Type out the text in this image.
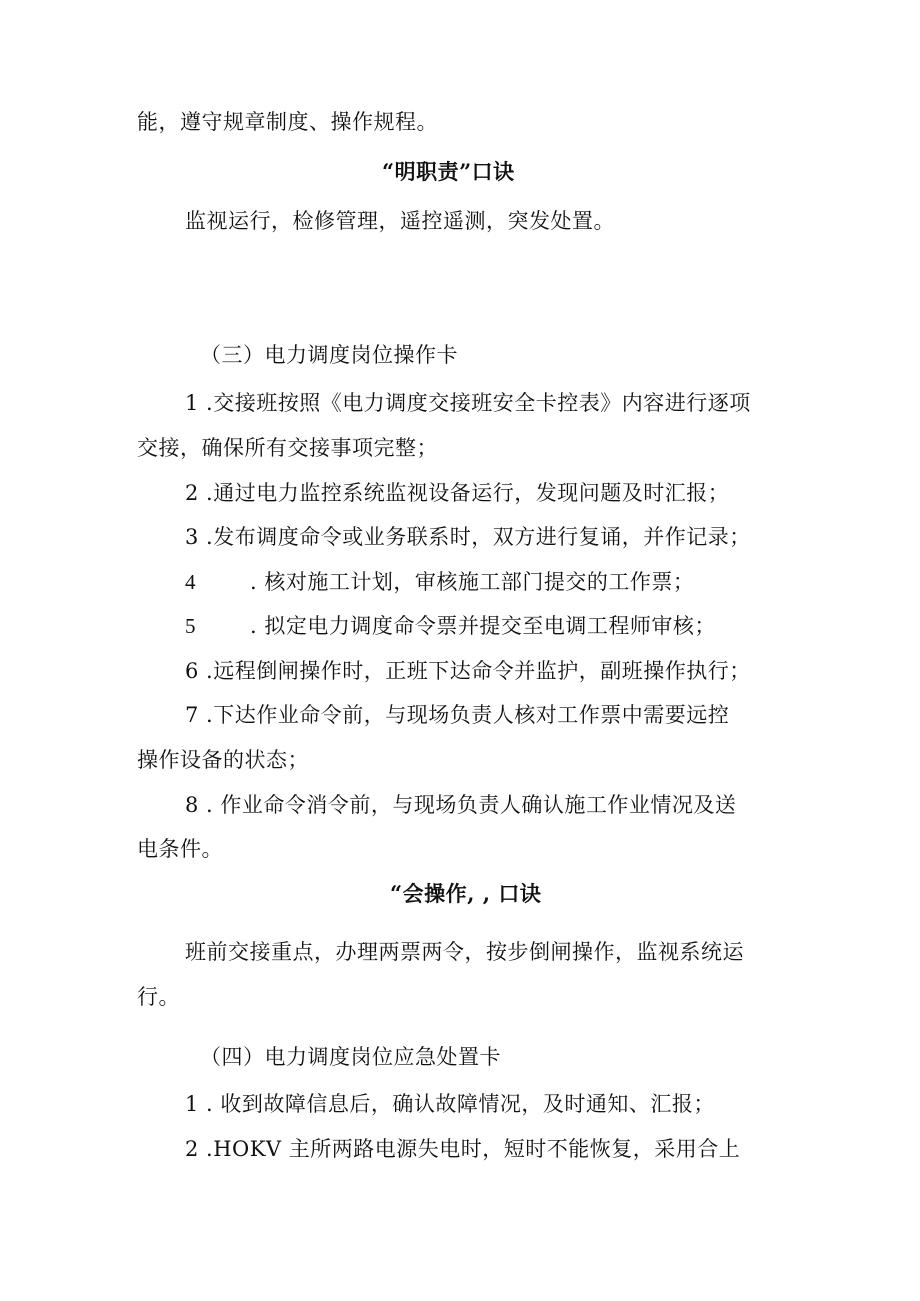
能，遵守规章制度、操作规程。
“明职责”口诀
监视运行，检修管理，遥控遥测，突发处置。
（三）电力调度岗位操作卡
1 .交接班按照《电力调度交接班安全卡控表》内容进行逐项
交接，确保所有交接事项完整；
2 .通过电力监控系统监视设备运行，发现问题及时汇报；
3 .发布调度命令或业务联系时，双方进行复诵，并作记录；
4	. 核对施工计划，审核施工部门提交的工作票；
5	. 拟定电力调度命令票并提交至电调工程师审核；
6 .远程倒闸操作时，正班下达命令并监护，副班操作执行；
7 .下达作业命令前，与现场负责人核对工作票中需要远控
操作设备的状态；
8 . 作业命令消令前，与现场负责人确认施工作业情况及送
电条件。
“会操作, , 口诀
班前交接重点，办理两票两令，按步倒闸操作，监视系统运
行。
（四）电力调度岗位应急处置卡
1 . 收到故障信息后，确认故障情况，及时通知、汇报；
2 .HOKV 主所两路电源失电时，短时不能恢复，采用合上
